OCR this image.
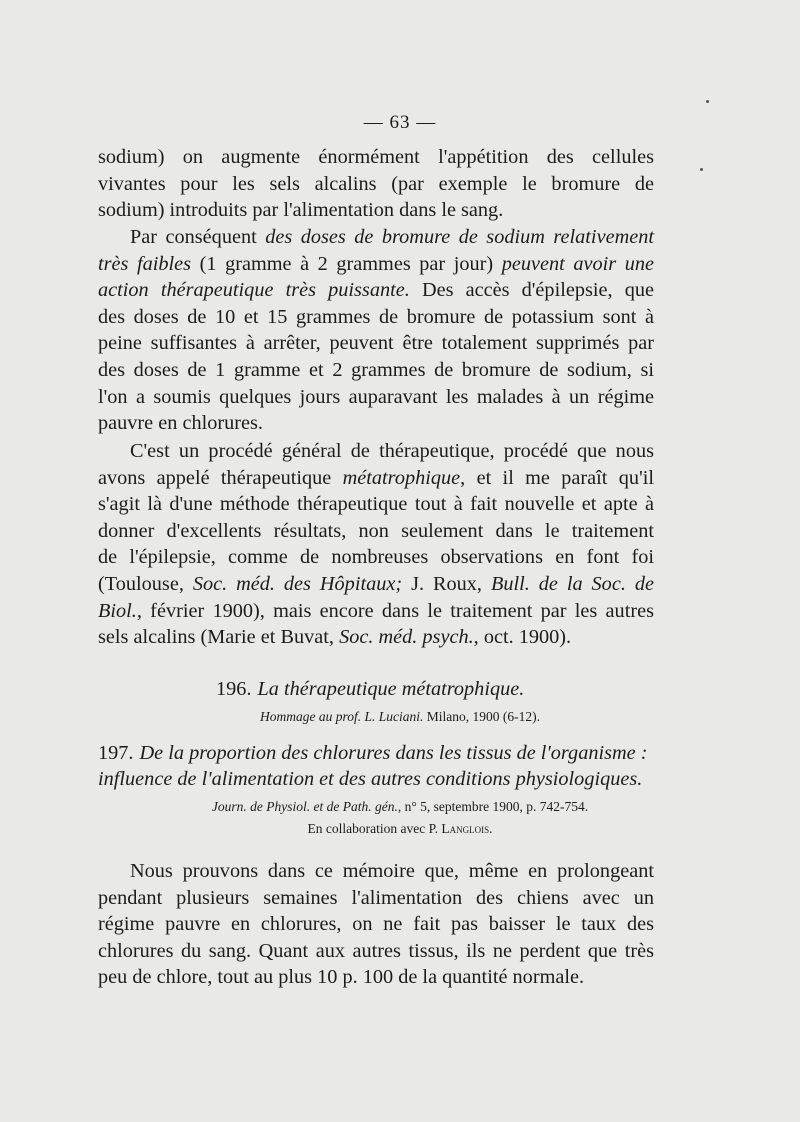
— 63 —
sodium) on augmente énormément l'appétition des cellules
vivantes pour les sels alcalins (par exemple le bromure de
sodium) introduits par l'alimentation dans le sang.
Par conséquent des doses de bromure de sodium relativement
très faibles (1 gramme à 2 grammes par jour) peuvent avoir une
action thérapeutique très puissante. Des accès d'épilepsie, que
des doses de 10 et 15 grammes de bromure de potassium sont à
peine suffisantes à arrêter, peuvent être totalement supprimés par
des doses de 1 gramme et 2 grammes de bromure de sodium, si
l'on a soumis quelques jours auparavant les malades à un régime
pauvre en chlorures.
C'est un procédé général de thérapeutique, procédé que nous
avons appelé thérapeutique métatrophique, et il me paraît qu'il
s'agit là d'une méthode thérapeutique tout à fait nouvelle et apte à
donner d'excellents résultats, non seulement dans le traitement
de l'épilepsie, comme de nombreuses observations en font foi
(Toulouse, Soc. méd. des Hôpitaux; J. Roux, Bull. de la Soc. de
Biol., février 1900), mais encore dans le traitement par les autres
sels alcalins (Marie et Buvat, Soc. méd. psych., oct. 1900).
196. La thérapeutique métatrophique.
Hommage au prof. L. Luciani. Milano, 1900 (6-12).
197. De la proportion des chlorures dans les tissus de l'organisme :
influence de l'alimentation et des autres conditions physiologiques.
Journ. de Physiol. et de Path. gén., n° 5, septembre 1900, p. 742-754.
En collaboration avec P. Langlois.
Nous prouvons dans ce mémoire que, même en prolongeant
pendant plusieurs semaines l'alimentation des chiens avec un
régime pauvre en chlorures, on ne fait pas baisser le taux des
chlorures du sang. Quant aux autres tissus, ils ne perdent que très
peu de chlore, tout au plus 10 p. 100 de la quantité normale.
